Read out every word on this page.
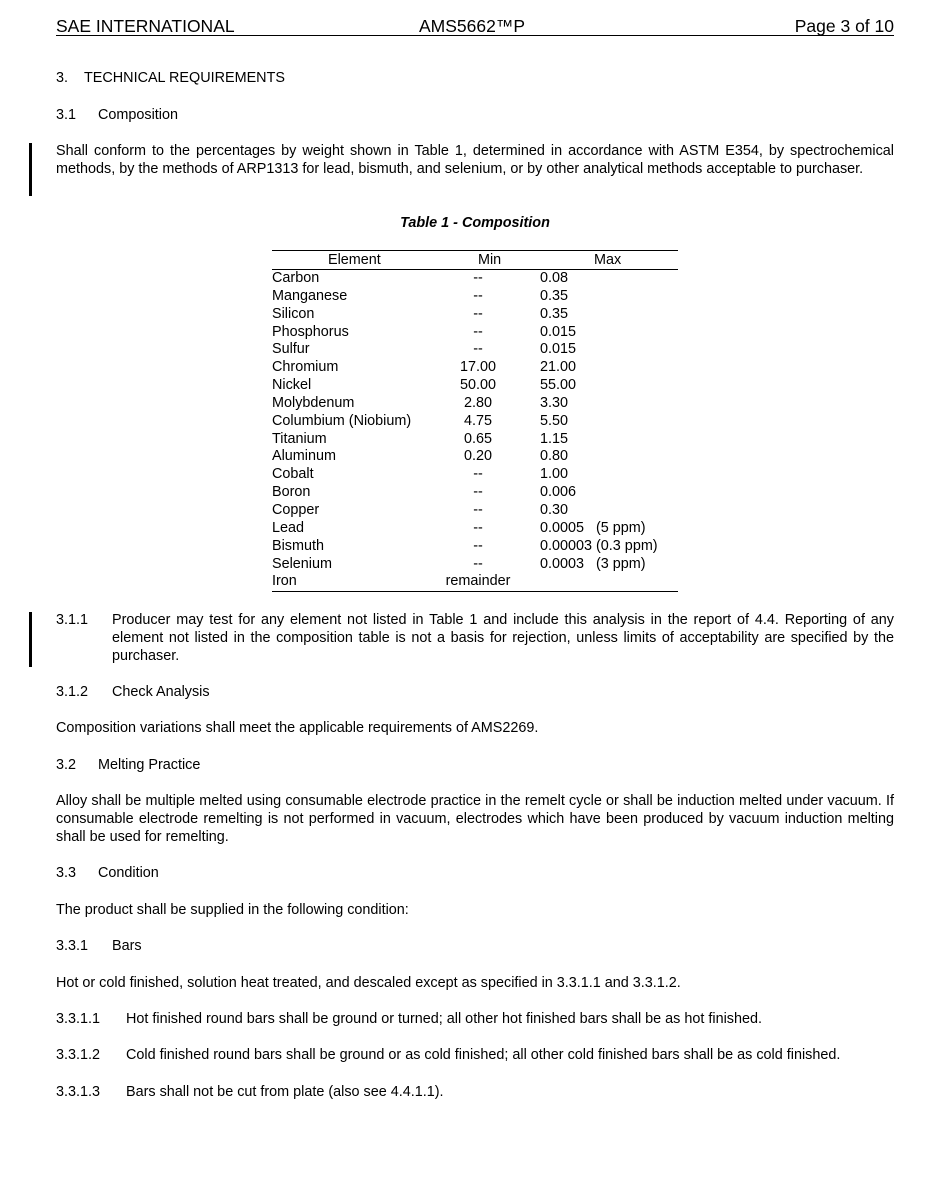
SAE INTERNATIONAL	AMS5662™P	Page 3 of 10
3. TECHNICAL REQUIREMENTS
3.1 Composition
Shall conform to the percentages by weight shown in Table 1, determined in accordance with ASTM E354, by spectrochemical methods, by the methods of ARP1313 for lead, bismuth, and selenium, or by other analytical methods acceptable to purchaser.
Table 1 - Composition
Element	Min	Max
Carbon	--	0.08
Manganese	--	0.35
Silicon	--	0.35
Phosphorus	--	0.015
Sulfur	--	0.015
Chromium	17.00	21.00
Nickel	50.00	55.00
Molybdenum	2.80	3.30
Columbium (Niobium)	4.75	5.50
Titanium	0.65	1.15
Aluminum	0.20	0.80
Cobalt	--	1.00
Boron	--	0.006
Copper	--	0.30
Lead	--	0.0005   (5 ppm)
Bismuth	--	0.00003 (0.3 ppm)
Selenium	--	0.0003   (3 ppm)
Iron	remainder
3.1.1 Producer may test for any element not listed in Table 1 and include this analysis in the report of 4.4. Reporting of any element not listed in the composition table is not a basis for rejection, unless limits of acceptability are specified by the purchaser.
3.1.2 Check Analysis
Composition variations shall meet the applicable requirements of AMS2269.
3.2 Melting Practice
Alloy shall be multiple melted using consumable electrode practice in the remelt cycle or shall be induction melted under vacuum. If consumable electrode remelting is not performed in vacuum, electrodes which have been produced by vacuum induction melting shall be used for remelting.
3.3 Condition
The product shall be supplied in the following condition:
3.3.1 Bars
Hot or cold finished, solution heat treated, and descaled except as specified in 3.3.1.1 and 3.3.1.2.
3.3.1.1 Hot finished round bars shall be ground or turned; all other hot finished bars shall be as hot finished.
3.3.1.2 Cold finished round bars shall be ground or as cold finished; all other cold finished bars shall be as cold finished.
3.3.1.3 Bars shall not be cut from plate (also see 4.4.1.1).
